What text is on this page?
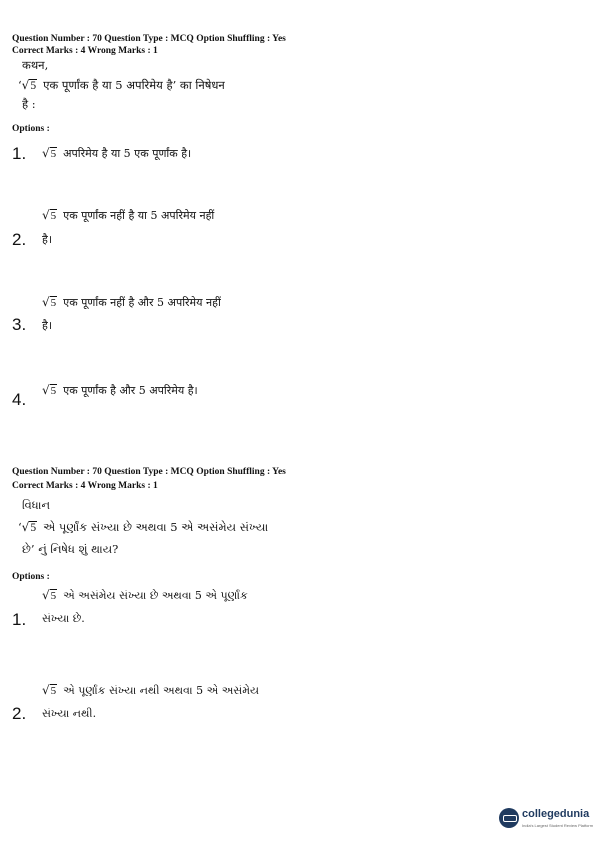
Question Number : 70 Question Type : MCQ Option Shuffling : Yes
Correct Marks : 4 Wrong Marks : 1
कथन,
‘√5 एक पूर्णांक है या 5 अपरिमेय है’ का निषेधन
है :
Options :
1. √5 अपरिमेय है या 5 एक पूर्णांक है।
√5 एक पूर्णांक नहीं है या 5 अपरिमेय नहीं
2. है।
√5 एक पूर्णांक नहीं है और 5 अपरिमेय नहीं
3. है।
√5 एक पूर्णांक है और 5 अपरिमेय है।
4.
Question Number : 70 Question Type : MCQ Option Shuffling : Yes
Correct Marks : 4 Wrong Marks : 1
વિધાન
‘√5 એ પૂર્ણાંક સંખ્યા છે અથવા 5 એ અસંમેય સંખ્યા
છે’ નું નિષેધ શું થાય?
Options :
√5 એ અસંમેય સંખ્યા છે અથવા 5 એ પૂર્ણાંક
1. સંખ્યા છે.
√5 એ પૂર્ણાંક સંખ્યા નથી અથવા 5 એ અસંમેય
2. સંખ્યા નથી.
collegedunia
India's Largest Student Review Platform
